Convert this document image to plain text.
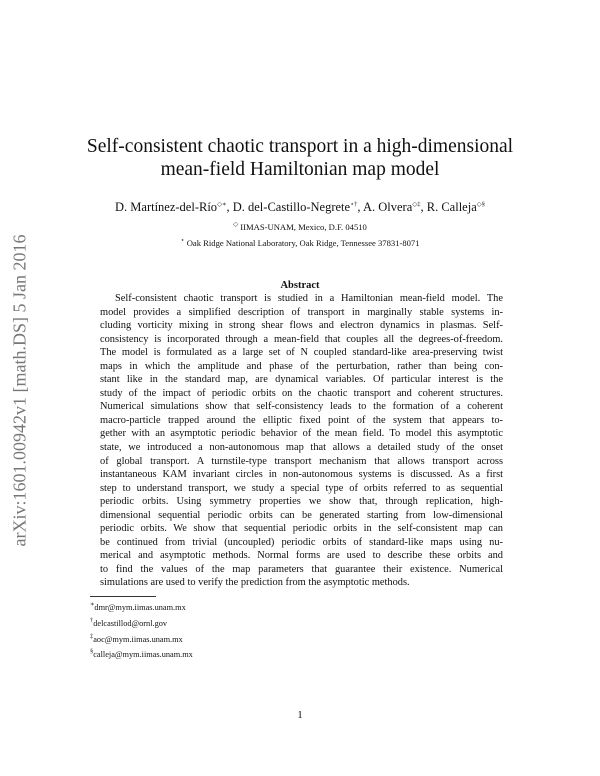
arXiv:1601.00942v1 [math.DS] 5 Jan 2016
Self-consistent chaotic transport in a high-dimensional
mean-field Hamiltonian map model
D. Martínez-del-Río◇∗, D. del-Castillo-Negrete⋆†, A. Olvera◇‡, R. Calleja◇§
◇ IIMAS-UNAM, Mexico, D.F. 04510
⋆ Oak Ridge National Laboratory, Oak Ridge, Tennessee 37831-8071
Abstract
Self-consistent chaotic transport is studied in a Hamiltonian mean-field model. The
model provides a simplified description of transport in marginally stable systems in-
cluding vorticity mixing in strong shear flows and electron dynamics in plasmas. Self-
consistency is incorporated through a mean-field that couples all the degrees-of-freedom.
The model is formulated as a large set of N coupled standard-like area-preserving twist
maps in which the amplitude and phase of the perturbation, rather than being con-
stant like in the standard map, are dynamical variables. Of particular interest is the
study of the impact of periodic orbits on the chaotic transport and coherent structures.
Numerical simulations show that self-consistency leads to the formation of a coherent
macro-particle trapped around the elliptic fixed point of the system that appears to-
gether with an asymptotic periodic behavior of the mean field. To model this asymptotic
state, we introduced a non-autonomous map that allows a detailed study of the onset
of global transport. A turnstile-type transport mechanism that allows transport across
instantaneous KAM invariant circles in non-autonomous systems is discussed. As a first
step to understand transport, we study a special type of orbits referred to as sequential
periodic orbits. Using symmetry properties we show that, through replication, high-
dimensional sequential periodic orbits can be generated starting from low-dimensional
periodic orbits. We show that sequential periodic orbits in the self-consistent map can
be continued from trivial (uncoupled) periodic orbits of standard-like maps using nu-
merical and asymptotic methods. Normal forms are used to describe these orbits and
to find the values of the map parameters that guarantee their existence. Numerical
simulations are used to verify the prediction from the asymptotic methods.
∗dmr@mym.iimas.unam.mx
†delcastillod@ornl.gov
‡aoc@mym.iimas.unam.mx
§calleja@mym.iimas.unam.mx
1
